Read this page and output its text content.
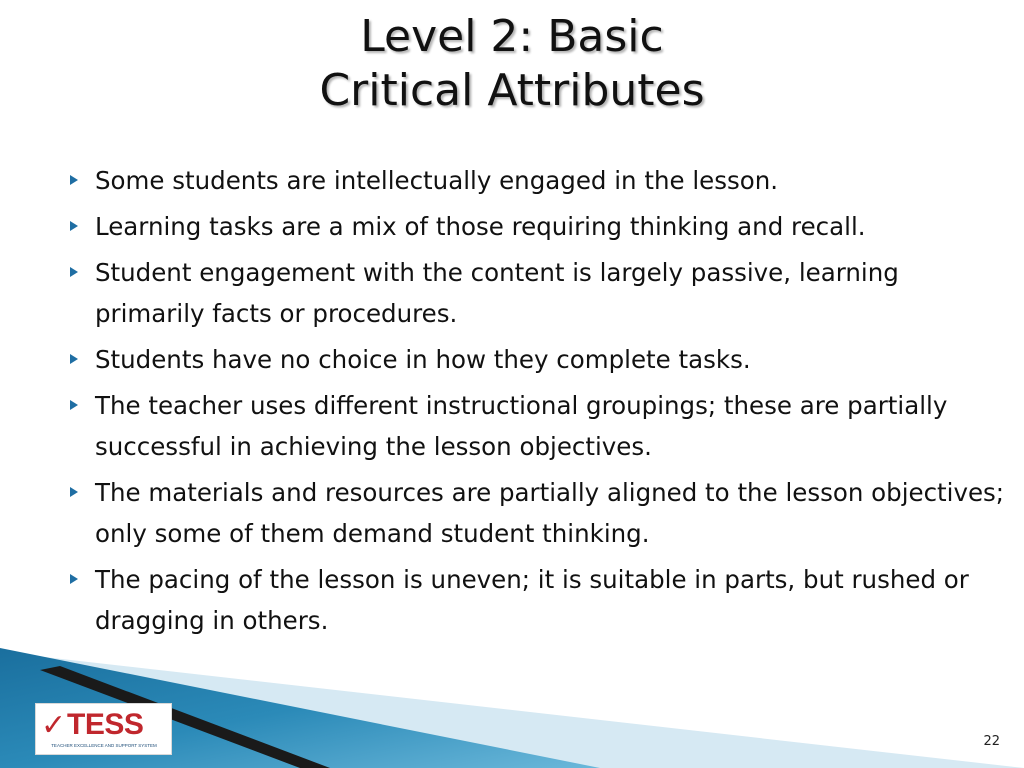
Level 2: Basic
Critical Attributes
Some students are intellectually engaged in the lesson.
Learning tasks are a mix of those requiring thinking and recall.
Student engagement with the content is largely passive, learning primarily facts or procedures.
Students have no choice in how they complete tasks.
The teacher uses different instructional groupings; these are partially successful in achieving the lesson objectives.
The materials and resources are partially aligned to the lesson objectives; only some of them demand student thinking.
The pacing of the lesson is uneven; it is suitable in parts, but rushed or dragging in others.
✓ TESS
TEACHER EXCELLENCE AND SUPPORT SYSTEM	22
